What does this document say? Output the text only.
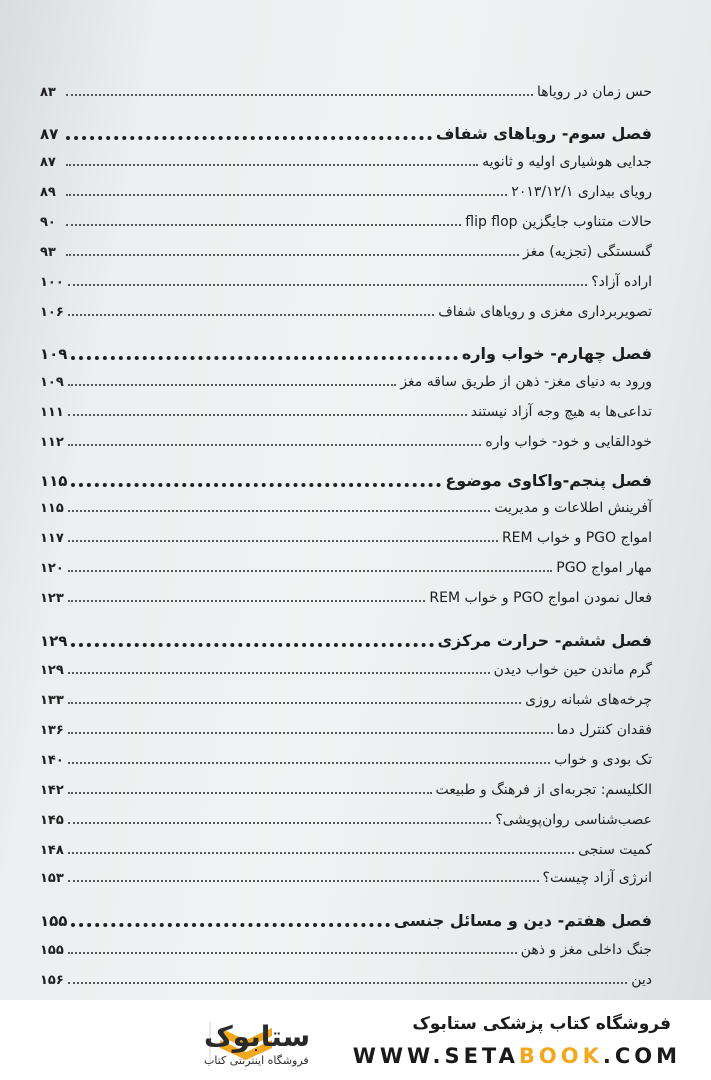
حس زمان در رویاها
۸۳
فصل سوم- رویاهای شفاف
۸۷
جدایی هوشیاری اولیه و ثانویه
۸۷
رویای بیداری ۲۰۱۳/۱۲/۱
۸۹
حالات متناوب جایگزین flip flop
۹۰
گسستگی (تجزیه) مغز
۹۳
اراده آزاد؟
۱۰۰
تصویربرداری مغزی و رویاهای شفاف
۱۰۶
فصل چهارم- خواب واره
۱۰۹
ورود به دنیای مغز- ذهن از طریق ساقه مغز
۱۰۹
تداعی‌ها به هیچ وجه آزاد نیستند
۱۱۱
خودالقایی و خود- خواب واره
۱۱۲
فصل پنجم-واکاوی موضوع
۱۱۵
آفرینش اطلاعات و مدیریت
۱۱۵
امواج PGO و خواب REM
۱۱۷
مهار امواج PGO
۱۲۰
فعال نمودن امواج PGO و خواب REM
۱۲۳
فصل ششم- حرارت مرکزی
۱۲۹
گرم ماندن حین خواب دیدن
۱۲۹
چرخه‌های شبانه روزی
۱۳۳
فقدان کنترل دما
۱۳۶
تک بودی و خواب
۱۴۰
الکلیسم: تجربه‌ای از فرهنگ و طبیعت
۱۴۲
عصب‌شناسی روان‌پویشی؟
۱۴۵
کمیت سنجی
۱۴۸
انرژی آزاد چیست؟
۱۵۳
فصل هفتم- دین و مسائل جنسی
۱۵۵
جنگ داخلی مغز و ذهن
۱۵۵
دین
۱۵۶
ستابوک
فروشگاه اینترنتی کتاب
فروشگاه کتاب پزشکی ستابوک
WWW.SETABOOK.COM
